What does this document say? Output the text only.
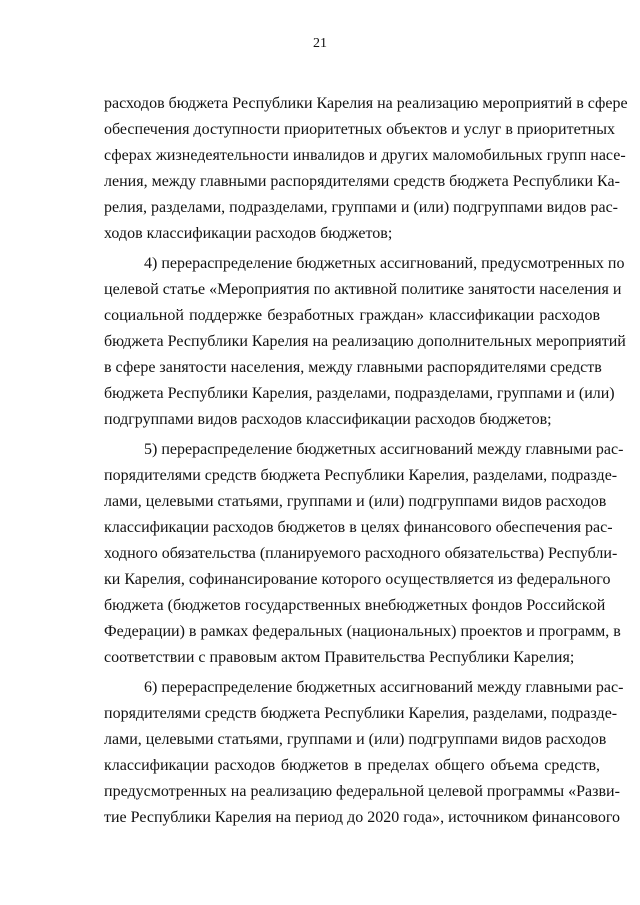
21
расходов бюджета Республики Карелия на реализацию мероприятий в сфере
обеспечения доступности приоритетных объектов и услуг в приоритетных
сферах жизнедеятельности инвалидов и других маломобильных групп насе-
ления, между главными распорядителями средств бюджета Республики Ка-
релия, разделами, подразделами, группами и (или) подгруппами видов рас-
ходов классификации расходов бюджетов;
4) перераспределение бюджетных ассигнований, предусмотренных по
целевой статье «Мероприятия по активной политике занятости населения и
социальной поддержке безработных граждан» классификации расходов
бюджета Республики Карелия на реализацию дополнительных мероприятий
в сфере занятости населения, между главными распорядителями средств
бюджета Республики Карелия, разделами, подразделами, группами и (или)
подгруппами видов расходов классификации расходов бюджетов;
5) перераспределение бюджетных ассигнований между главными рас-
порядителями средств бюджета Республики Карелия, разделами, подразде-
лами, целевыми статьями, группами и (или) подгруппами видов расходов
классификации расходов бюджетов в целях финансового обеспечения рас-
ходного обязательства (планируемого расходного обязательства) Республи-
ки Карелия, софинансирование которого осуществляется из федерального
бюджета (бюджетов государственных внебюджетных фондов Российской
Федерации) в рамках федеральных (национальных) проектов и программ, в
соответствии с правовым актом Правительства Республики Карелия;
6) перераспределение бюджетных ассигнований между главными рас-
порядителями средств бюджета Республики Карелия, разделами, подразде-
лами, целевыми статьями, группами и (или) подгруппами видов расходов
классификации расходов бюджетов в пределах общего объема средств,
предусмотренных на реализацию федеральной целевой программы «Разви-
тие Республики Карелия на период до 2020 года», источником финансового
